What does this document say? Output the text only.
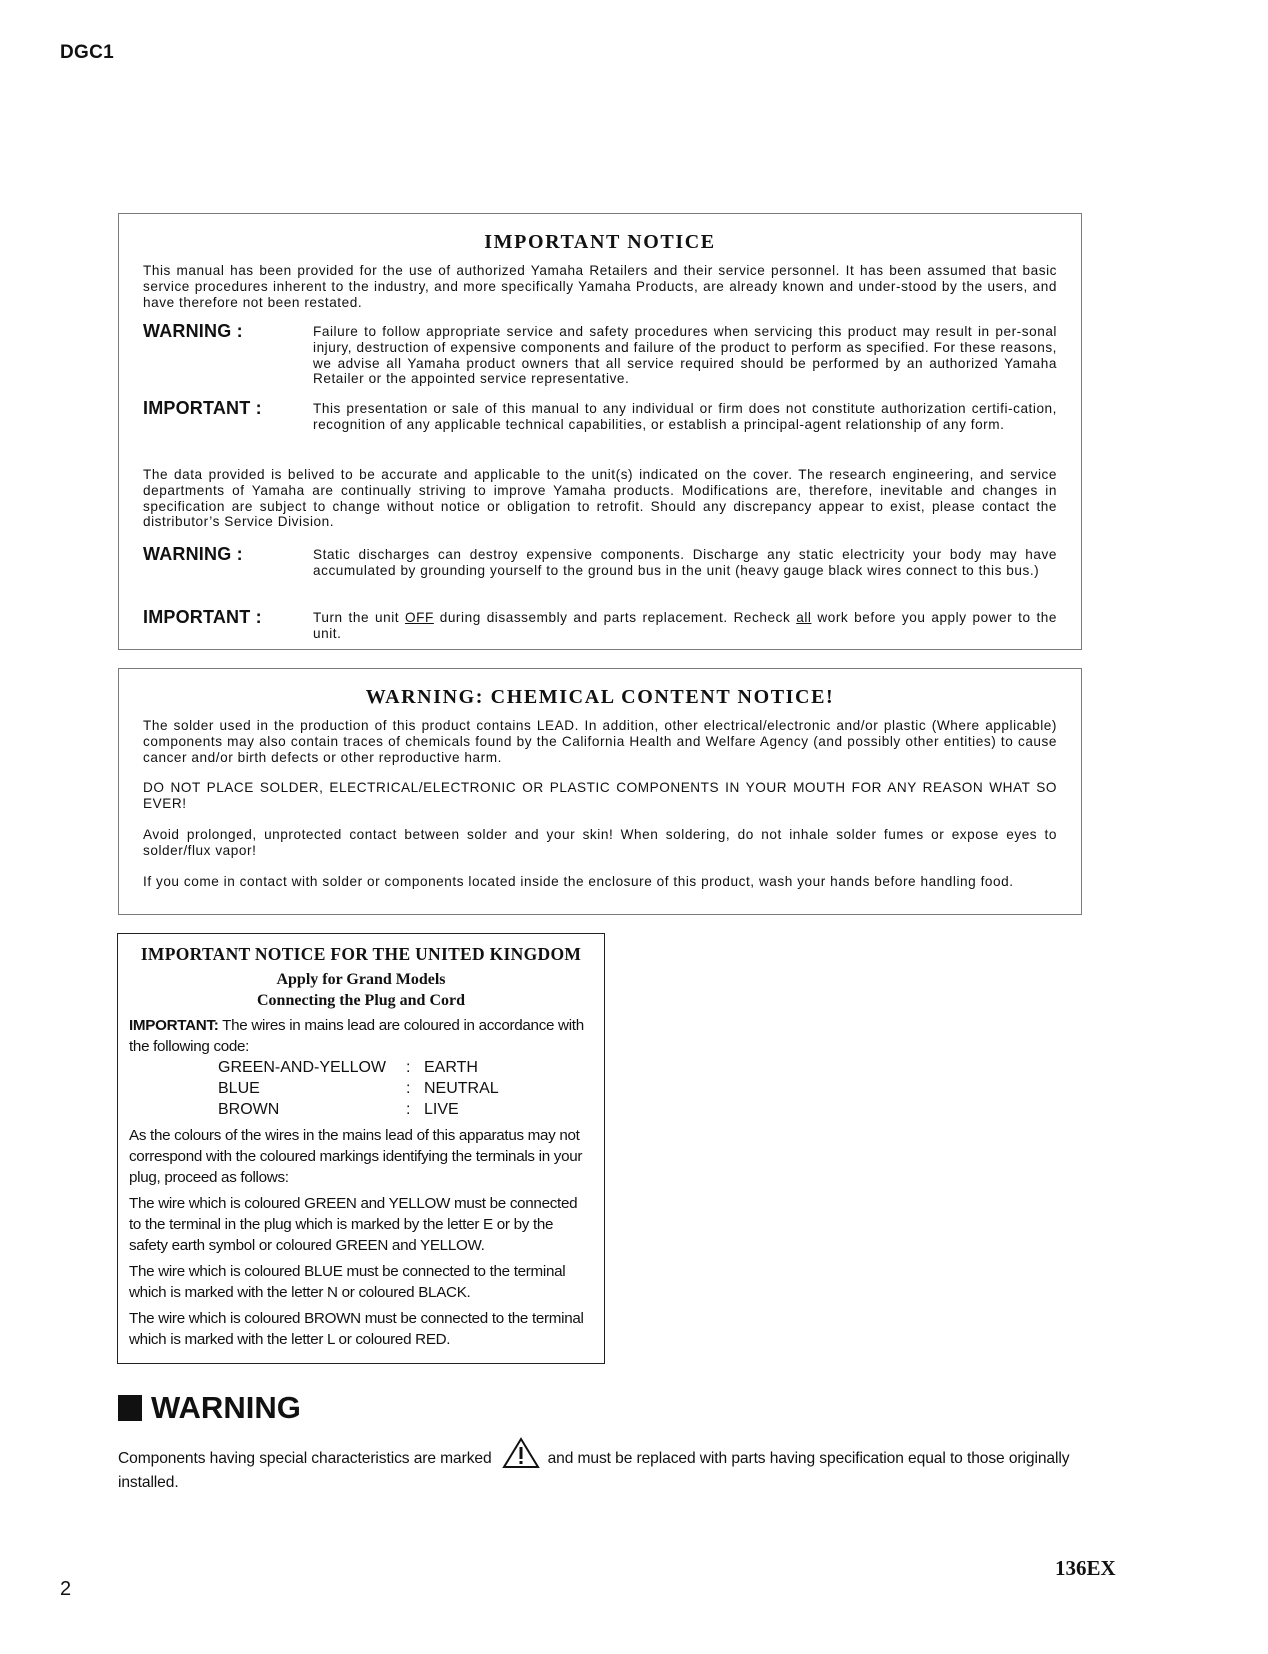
DGC1
IMPORTANT NOTICE
This manual has been provided for the use of authorized Yamaha Retailers and their service personnel. It has been assumed that basic service procedures inherent to the industry, and more specifically Yamaha Products, are already known and under-stood by the users, and have therefore not been restated.
WARNING :	Failure to follow appropriate service and safety procedures when servicing this product may result in per-sonal injury, destruction of expensive components and failure of the product to perform as specified. For these reasons, we advise all Yamaha product owners that all service required should be performed by an authorized Yamaha Retailer or the appointed service representative.
IMPORTANT :	This presentation or sale of this manual to any individual or firm does not constitute authorization certifi-cation, recognition of any applicable technical capabilities, or establish a principal-agent relationship of any form.
The data provided is belived to be accurate and applicable to the unit(s) indicated on the cover. The research engineering, and service departments of Yamaha are continually striving to improve Yamaha products. Modifications are, therefore, inevitable and changes in specification are subject to change without notice or obligation to retrofit. Should any discrepancy appear to exist, please contact the distributor’s Service Division.
WARNING :	Static discharges can destroy expensive components. Discharge any static electricity your body may have accumulated by grounding yourself to the ground bus in the unit (heavy gauge black wires connect to this bus.)
IMPORTANT :	Turn the unit OFF during disassembly and parts replacement. Recheck all work before you apply power to the unit.
WARNING: CHEMICAL CONTENT NOTICE!
The solder used in the production of this product contains LEAD. In addition, other electrical/electronic and/or plastic (Where applicable) components may also contain traces of chemicals found by the California Health and Welfare Agency (and possibly other entities) to cause cancer and/or birth defects or other reproductive harm.
DO NOT PLACE SOLDER, ELECTRICAL/ELECTRONIC OR PLASTIC COMPONENTS IN YOUR MOUTH FOR ANY REASON WHAT SO EVER!
Avoid prolonged, unprotected contact between solder and your skin! When soldering, do not inhale solder fumes or expose eyes to solder/flux vapor!
If you come in contact with solder or components located inside the enclosure of this product, wash your hands before handling food.
IMPORTANT NOTICE FOR THE UNITED KINGDOM
Apply for Grand Models
Connecting the Plug and Cord
IMPORTANT: The wires in mains lead are coloured in accordance with the following code:
GREEN-AND-YELLOW	:	EARTH
BLUE	:	NEUTRAL
BROWN	:	LIVE
As the colours of the wires in the mains lead of this apparatus may not correspond with the coloured markings identifying the terminals in your plug, proceed as follows:
The wire which is coloured GREEN and YELLOW must be connected to the terminal in the plug which is marked by the letter E or by the safety earth symbol or coloured GREEN and YELLOW.
The wire which is coloured BLUE must be connected to the terminal which is marked with the letter N or coloured BLACK.
The wire which is coloured BROWN must be connected to the terminal which is marked with the letter L or coloured RED.
WARNING
Components having special characteristics are marked	and must be replaced with parts having specification equal to those originally installed.
136EX
2
